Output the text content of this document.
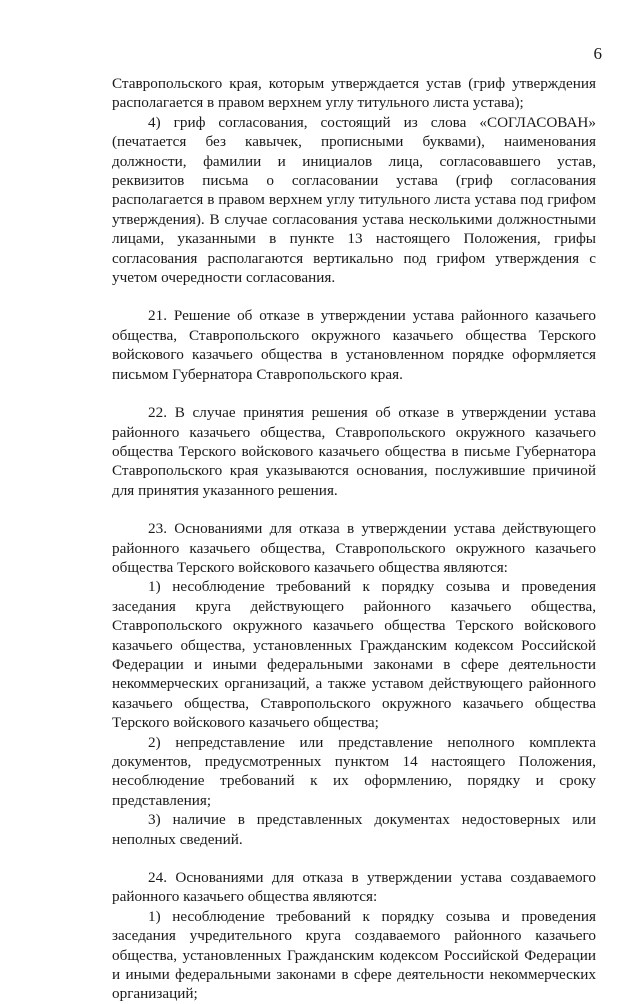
6

Ставропольского края, которым утверждается устав (гриф утверждения располагается в правом верхнем углу титульного листа устава);

4) гриф согласования, состоящий из слова «СОГЛАСОВАН» (печатается без кавычек, прописными буквами), наименования должности, фамилии и инициалов лица, согласовавшего устав, реквизитов письма о согласовании устава (гриф согласования располагается в правом верхнем углу титульного листа устава под грифом утверждения). В случае согласования устава несколькими должностными лицами, указанными в пункте 13 настоящего Положения, грифы согласования располагаются вертикально под грифом утверждения с учетом очередности согласования.

21. Решение об отказе в утверждении устава районного казачьего общества, Ставропольского окружного казачьего общества Терского войскового казачьего общества в установленном порядке оформляется письмом Губернатора Ставропольского края.

22. В случае принятия решения об отказе в утверждении устава районного казачьего общества, Ставропольского окружного казачьего общества Терского войскового казачьего общества в письме Губернатора Ставропольского края указываются основания, послужившие причиной для принятия указанного решения.

23. Основаниями для отказа в утверждении устава действующего районного казачьего общества, Ставропольского окружного казачьего общества Терского войскового казачьего общества являются:

1) несоблюдение требований к порядку созыва и проведения заседания круга действующего районного казачьего общества, Ставропольского окружного казачьего общества Терского войскового казачьего общества, установленных Гражданским кодексом Российской Федерации и иными федеральными законами в сфере деятельности некоммерческих организаций, а также уставом действующего районного казачьего общества, Ставропольского окружного казачьего общества Терского войскового казачьего общества;

2) непредставление или представление неполного комплекта документов, предусмотренных пунктом 14 настоящего Положения, несоблюдение требований к их оформлению, порядку и сроку представления;

3) наличие в представленных документах недостоверных или неполных сведений.

24. Основаниями для отказа в утверждении устава создаваемого районного казачьего общества являются:

1) несоблюдение требований к порядку созыва и проведения заседания учредительного круга создаваемого районного казачьего общества, установленных Гражданским кодексом Российской Федерации и иными федеральными законами в сфере деятельности некоммерческих организаций;
